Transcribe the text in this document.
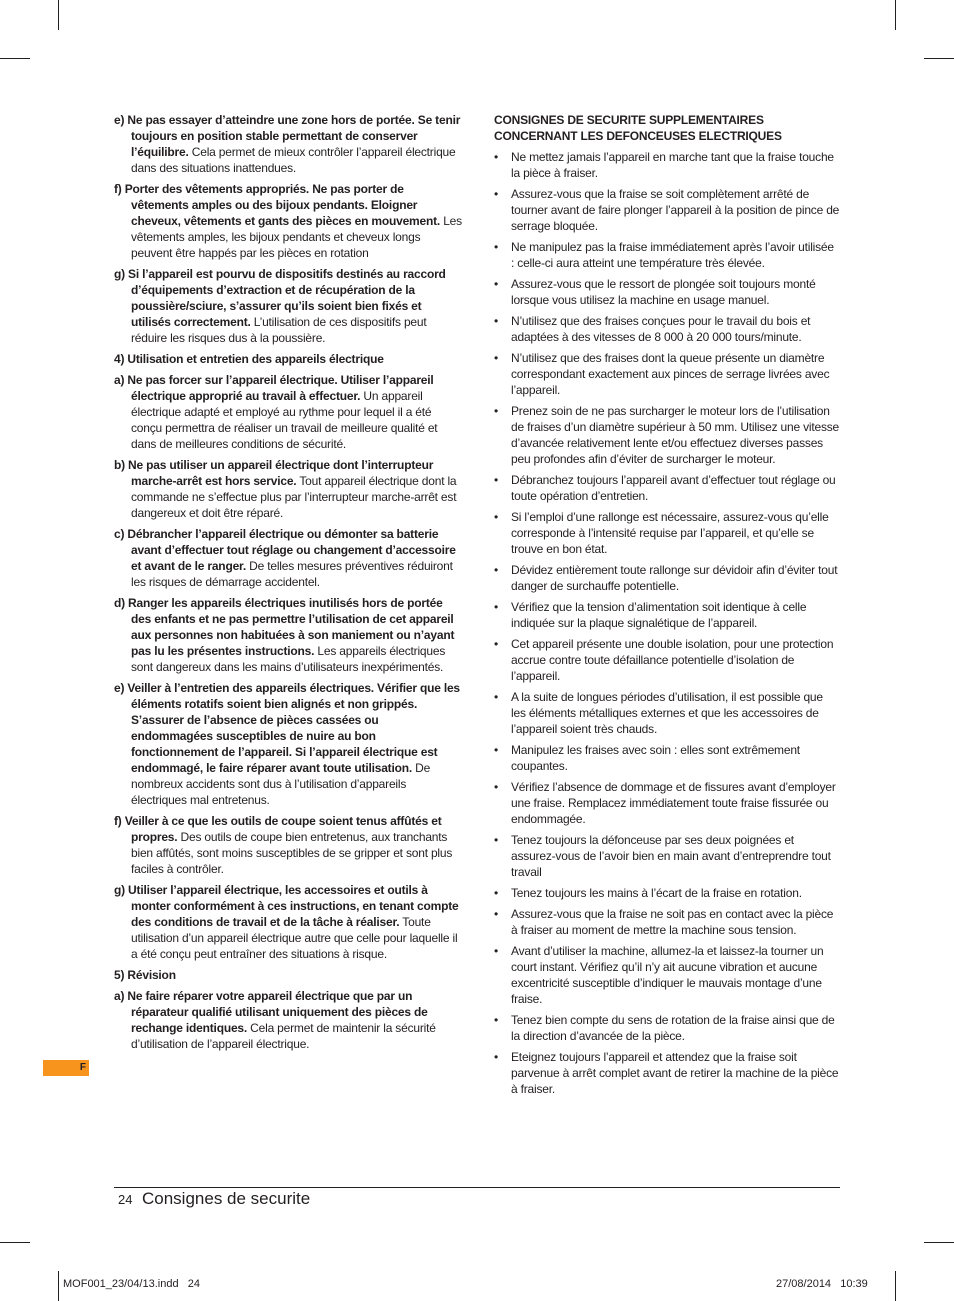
e) Ne pas essayer d’atteindre une zone hors de portée. Se tenir toujours en position stable permettant de conserver l’équilibre. Cela permet de mieux contrôler l’appareil électrique dans des situations inattendues.

f) Porter des vêtements appropriés. Ne pas porter de vêtements amples ou des bijoux pendants. Eloigner cheveux, vêtements et gants des pièces en mouvement. Les vêtements amples, les bijoux pendants et cheveux longs peuvent être happés par les pièces en rotation

g) Si l’appareil est pourvu de dispositifs destinés au raccord d’équipements d’extraction et de récupération de la poussière/sciure, s’assurer qu’ils soient bien fixés et utilisés correctement. L’utilisation de ces dispositifs peut réduire les risques dus à la poussière.

4) Utilisation et entretien des appareils électrique

a) Ne pas forcer sur l’appareil électrique. Utiliser l’appareil électrique approprié au travail à effectuer. Un appareil électrique adapté et employé au rythme pour lequel il a été conçu permettra de réaliser un travail de meilleure qualité et dans de meilleures conditions de sécurité.

b) Ne pas utiliser un appareil électrique dont l’interrupteur marche-arrêt est hors service. Tout appareil électrique dont la commande ne s’effectue plus par l’interrupteur marche-arrêt est dangereux et doit être réparé.

c) Débrancher l’appareil électrique ou démonter sa batterie avant d’effectuer tout réglage ou changement d’accessoire et avant de le ranger. De telles mesures préventives réduiront les risques de démarrage accidentel.

d) Ranger les appareils électriques inutilisés hors de portée des enfants et ne pas permettre l’utilisation de cet appareil aux personnes non habituées à son maniement ou n’ayant pas lu les présentes instructions. Les appareils électriques sont dangereux dans les mains d’utilisateurs inexpérimentés.

e) Veiller à l’entretien des appareils électriques. Vérifier que les éléments rotatifs soient bien alignés et non grippés. S’assurer de l’absence de pièces cassées ou endommagées susceptibles de nuire au bon fonctionnement de l’appareil. Si l’appareil électrique est endommagé, le faire réparer avant toute utilisation. De nombreux accidents sont dus à l’utilisation d’appareils électriques mal entretenus.

f) Veiller à ce que les outils de coupe soient tenus affûtés et propres. Des outils de coupe bien entretenus, aux tranchants bien affûtés, sont moins susceptibles de se gripper et sont plus faciles à contrôler.

g) Utiliser l’appareil électrique, les accessoires et outils à monter conformément à ces instructions, en tenant compte des conditions de travail et de la tâche à réaliser. Toute utilisation d’un appareil électrique autre que celle pour laquelle il a été conçu peut entraîner des situations à risque.

5) Révision

a) Ne faire réparer votre appareil électrique que par un réparateur qualifié utilisant uniquement des pièces de rechange identiques. Cela permet de maintenir la sécurité d’utilisation de l’appareil électrique.

CONSIGNES DE SECURITE SUPPLEMENTAIRES CONCERNANT LES DEFONCEUSES ELECTRIQUES

• Ne mettez jamais l’appareil en marche tant que la fraise touche la pièce à fraiser.
• Assurez-vous que la fraise se soit complètement arrêté de tourner avant de faire plonger l’appareil à la position de pince de serrage bloquée.
• Ne manipulez pas la fraise immédiatement après l’avoir utilisée : celle-ci aura atteint une température très élevée.
• Assurez-vous que le ressort de plongée soit toujours monté lorsque vous utilisez la machine en usage manuel.
• N’utilisez que des fraises conçues pour le travail du bois et adaptées à des vitesses de 8 000 à 20 000 tours/minute.
• N’utilisez que des fraises dont la queue présente un diamètre correspondant exactement aux pinces de serrage livrées avec l’appareil.
• Prenez soin de ne pas surcharger le moteur lors de l’utilisation de fraises d’un diamètre supérieur à 50 mm. Utilisez une vitesse d’avancée relativement lente et/ou effectuez diverses passes peu profondes afin d’éviter de surcharger le moteur.
• Débranchez toujours l’appareil avant d’effectuer tout réglage ou toute opération d’entretien.
• Si l’emploi d’une rallonge est nécessaire, assurez-vous qu’elle corresponde à l’intensité requise par l’appareil, et qu’elle se trouve en bon état.
• Dévidez entièrement toute rallonge sur dévidoir afin d’éviter tout danger de surchauffe potentielle.
• Vérifiez que la tension d’alimentation soit identique à celle indiquée sur la plaque signalétique de l’appareil.
• Cet appareil présente une double isolation, pour une protection accrue contre toute défaillance potentielle d’isolation de l’appareil.
• A la suite de longues périodes d’utilisation, il est possible que les éléments métalliques externes et que les accessoires de l’appareil soient très chauds.
• Manipulez les fraises avec soin : elles sont extrêmement coupantes.
• Vérifiez l’absence de dommage et de fissures avant d’employer une fraise. Remplacez immédiatement toute fraise fissurée ou endommagée.
• Tenez toujours la défonceuse par ses deux poignées et assurez-vous de l’avoir bien en main avant d’entreprendre tout travail
• Tenez toujours les mains à l’écart de la fraise en rotation.
• Assurez-vous que la fraise ne soit pas en contact avec la pièce à fraiser au moment de mettre la machine sous tension.
• Avant d’utiliser la machine, allumez-la et laissez-la tourner un court instant. Vérifiez qu’il n’y ait aucune vibration et aucune excentricité susceptible d’indiquer le mauvais montage d’une fraise.
• Tenez bien compte du sens de rotation de la fraise ainsi que de la direction d’avancée de la pièce.
• Eteignez toujours l’appareil et attendez que la fraise soit parvenue à arrêt complet avant de retirer la machine de la pièce à fraiser.
F
24 Consignes de securite
MOF001_23/04/13.indd   24	27/08/2014   10:39
